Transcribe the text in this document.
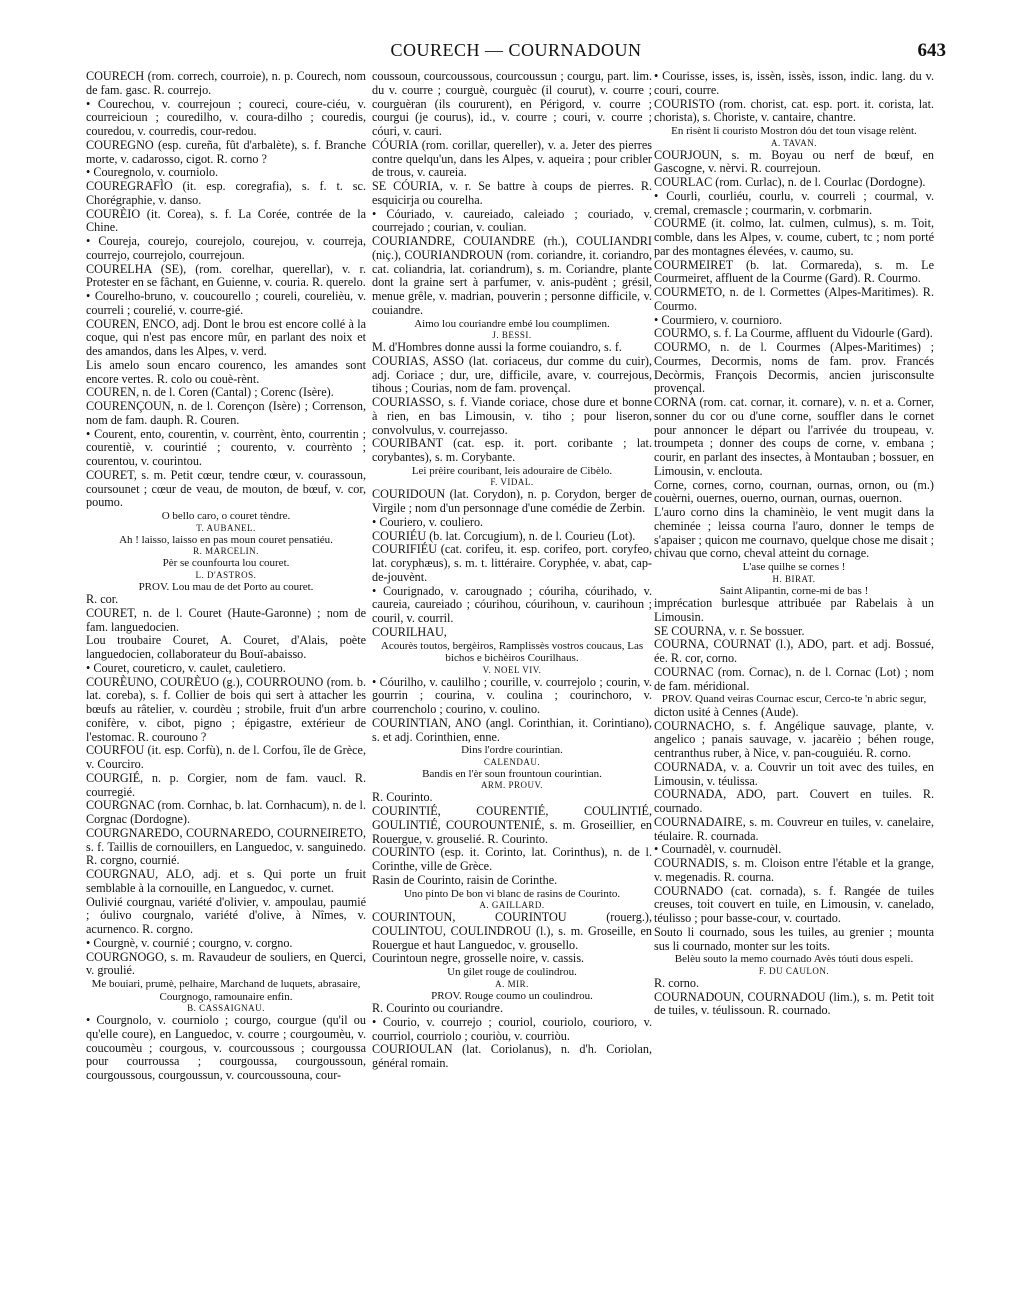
COURECH — COURNADOUN	643

COURECH (rom. correch, courroie), n. p. Courech, nom de fam. gasc. R. courrejo.

• Courechou, v. courrejoun ; coureci, coure-ciéu, v. courreicioun ; couredilho, v. coura-dilho ; couredis, couredou, v. courredis, cour-redou.

COUREGNO (esp. cureña, fût d'arbalète), s. f. Branche morte, v. cadarosso, cigot. R. corno ?

• Couregnolo, v. courniolo.

COUREGRAFÌO (it. esp. coregrafia), s. f. t. sc. Chorégraphie, v. danso.

COURÈIO (it. Corea), s. f. La Corée, contrée de la Chine.

• Coureja, courejo, courejolo, courejou, v. courreja, courrejo, courrejolo, courrejoun.

COURELHA (SE), (rom. corelhar, querellar), v. r. Protester en se fâchant, en Guienne, v. couria. R. querelo.

• Courelho-bruno, v. coucourello ; coureli, courelièu, v. courreli ; courelié, v. courre-gié.

COUREN, ENCO, adj. Dont le brou est encore collé à la coque, qui n'est pas encore mûr, en parlant des noix et des amandos, dans les Alpes, v. verd.

Lis amelo soun encaro courenco, les amandes sont encore vertes. R. colo ou couè-rènt.

COUREN, n. de l. Coren (Cantal) ; Corenc (Isère).

COURENÇOUN, n. de l. Corençon (Isère) ; Correnson, nom de fam. dauph. R. Couren.

• Courent, ento, courentin, v. courrènt, ènto, courrentin ; courentiè, v. courintié ; courento, v. courrènto ; courentou, v. courintou.

COURET, s. m. Petit cœur, tendre cœur, v. courassoun, coursounet ; cœur de veau, de mouton, de bœuf, v. cor, poumo.

O bello caro, o couret tèndre.

T. AUBANEL.

Ah ! laisso, laisso en pas moun couret pensatiéu.

R. MARCELIN.

Pèr se counfourta lou couret.

L. D'ASTROS.

PROV. Lou mau de det Porto au couret.

R. cor.

COURET, n. de l. Couret (Haute-Garonne) ; nom de fam. languedocien.

Lou troubaire Couret, A. Couret, d'Alais, poète languedocien, collaborateur du Bouï-abaisso.

• Couret, coureticro, v. caulet, cauletiero.

COURÈUNO, COURÈUO (g.), COURROUNO (rom. b. lat. coreba), s. f. Collier de bois qui sert à attacher les bœufs au râtelier, v. courdèu ; strobile, fruit d'un arbre conifère, v. cibot, pigno ; épigastre, extérieur de l'estomac. R. courouno ?

COURFOU (it. esp. Corfù), n. de l. Corfou, île de Grèce, v. Courciro.

COURGIÉ, n. p. Corgier, nom de fam. vaucl. R. courregié.

COURGNAC (rom. Cornhac, b. lat. Cornhacum), n. de l. Corgnac (Dordogne).

COURGNAREDO, COURNAREDO, COURNEIRETO, s. f. Taillis de cornouillers, en Languedoc, v. sanguinedo. R. corgno, cournié.

COURGNAU, ALO, adj. et s. Qui porte un fruit semblable à la cornouille, en Languedoc, v. curnet.

Oulivié courgnau, variété d'olivier, v. ampoulau, paumié ; óulivo courgnalo, variété d'olive, à Nîmes, v. acurnenco. R. corgno.

• Courgnè, v. cournié ; courgno, v. corgno.

COURGNOGO, s. m. Ravaudeur de souliers, en Querci, v. groulié.

Me bouiari, prumè, pelhaire, Marchand de luquets, abrasaire, Courgnogo, ramounaire enfin.

B. CASSAIGNAU.

• Courgnolo, v. courniolo ; courgo, courgue (qu'il ou qu'elle coure), en Languedoc, v. courre ; courgoumèu, v. coucoumèu ; courgous, v. courcoussous ; courgoussa pour courroussa ; courgoussa, courgoussoun, courgoussous, courgoussun, v. courcoussouna, cour-

coussoun, courcoussous, courcoussun ; courgu, part. lim. du v. courre ; courguè, courguèc (il courut), v. courre ; courguèran (ils coururent), en Périgord, v. courre ; courgui (je courus), id., v. courre ; couri, v. courre ; cóuri, v. cauri.

CÓURIA (rom. corillar, quereller), v. a. Jeter des pierres contre quelqu'un, dans les Alpes, v. aqueira ; pour cribler de trous, v. caureia.

SE CÓURIA, v. r. Se battre à coups de pierres. R. esquicirja ou courelha.

• Cóuriado, v. caureiado, caleiado ; couriado, v. courrejado ; courian, v. coulian.

COURIANDRE, COUIANDRE (rh.), COULIANDRI (niç.), COURIANDROUN (rom. coriandre, it. coriandro, cat. coliandria, lat. coriandrum), s. m. Coriandre, plante dont la graine sert à parfumer, v. anis-pudènt ; grésil, menue grêle, v. madrian, pouverin ; personne difficile, v. couiandre.

Aimo lou couriandre embé lou coumplimen.

J. BESSI.

M. d'Hombres donne aussi la forme couiandro, s. f.

COURIAS, ASSO (lat. coriaceus, dur comme du cuir), adj. Coriace ; dur, ure, difficile, avare, v. courrejous, tihous ; Courias, nom de fam. provençal.

COURIASSO, s. f. Viande coriace, chose dure et bonne à rien, en bas Limousin, v. tiho ; pour liseron, convolvulus, v. courrejasso.

COURIBANT (cat. esp. it. port. coribante ; lat. corybantes), s. m. Corybante.

Lei prèire couribant, leis adouraire de Cibèlo.

F. VIDAL.

COURIDOUN (lat. Corydon), n. p. Corydon, berger de Virgile ; nom d'un personnage d'une comédie de Zerbin.

• Couriero, v. couliero.

COURIÉU (b. lat. Corcugium), n. de l. Courieu (Lot).

COURIFIÉU (cat. corifeu, it. esp. corifeo, port. coryfeo, lat. coryphæus), s. m. t. littéraire. Coryphée, v. abat, cap-de-jouvènt.

• Courignado, v. carougnado ; cóuriha, cóurihado, v. caureia, caureiado ; cóurihou, cóurihoun, v. caurihoun ; couril, v. courril.

COURILHAU,

Acourès toutos, bergèiros, Ramplissès vostros coucaus, Las bichos e bichèiros Courilhaus.

V. NOEL VIV.

• Cóurilho, v. caulilho ; courille, v. courrejolo ; courin, v. gourrin ; courina, v. coulina ; courinchoro, v. courrencholo ; courino, v. coulino.

COURINTIAN, ANO (angl. Corinthian, it. Corintiano), s. et adj. Corinthien, enne.

Dins l'ordre courintian.

CALENDAU.

Bandis en l'èr soun frountoun courintian.

ARM. PROUV.

R. Courinto.

COURINTIÉ, COURENTIÉ, COULINTIÉ, GOULINTIÉ, COUROUNTENIÉ, s. m. Groseillier, en Rouergue, v. grouselié. R. Courinto.

COURINTO (esp. it. Corinto, lat. Corinthus), n. de l. Corinthe, ville de Grèce.

Rasin de Courinto, raisin de Corinthe.

Uno pinto De bon vi blanc de rasins de Courinto.

A. GAILLARD.

COURINTOUN, COURINTOU (rouerg.), COULINTOU, COULINDROU (l.), s. m. Groseille, en Rouergue et haut Languedoc, v. grousello.

Courintoun negre, grosselle noire, v. cassis.

Un gilet rouge de coulindrou.

A. MIR.

PROV. Rouge coumo un coulindrou.

R. Courinto ou couriandre.

• Courio, v. courrejo ; couriol, couriolo, courioro, v. courriol, courriolo ; couriòu, v. courriòu.

COURIOULAN (lat. Coriolanus), n. d'h. Coriolan, général romain.

• Courisse, isses, is, issèn, issès, isson, indic. lang. du v. couri, courre.

COURISTO (rom. chorist, cat. esp. port. it. corista, lat. chorista), s. Choriste, v. cantaire, chantre.

En risènt li couristo Mostron dóu det toun visage relènt.

A. TAVAN.

COURJOUN, s. m. Boyau ou nerf de bœuf, en Gascogne, v. nèrvi. R. courrejoun.

COURLAC (rom. Curlac), n. de l. Courlac (Dordogne).

• Courli, courliéu, courlu, v. courreli ; courmal, v. cremal, cremascle ; courmarin, v. corbmarin.

COURME (it. colmo, lat. culmen, culmus), s. m. Toit, comble, dans les Alpes, v. coume, cubert, tc ; nom porté par des montagnes élevées, v. caumo, su.

COURMEIRET (b. lat. Cormareda), s. m. Le Courmeiret, affluent de la Courme (Gard). R. Courmo.

COURMETO, n. de l. Cormettes (Alpes-Maritimes). R. Courmo.

• Courmiero, v. cournioro.

COURMO, s. f. La Courme, affluent du Vidourle (Gard).

COURMO, n. de l. Courmes (Alpes-Maritimes) ; Courmes, Decormis, noms de fam. prov. Francés Decòrmis, François Decormis, ancien jurisconsulte provençal.

CORNA (rom. cat. cornar, it. cornare), v. n. et a. Corner, sonner du cor ou d'une corne, souffler dans le cornet pour annoncer le départ ou l'arrivée du troupeau, v. troumpeta ; donner des coups de corne, v. embana ; courir, en parlant des insectes, à Montauban ; bossuer, en Limousin, v. enclouta.

Corne, cornes, corno, cournan, ournas, ornon, ou (m.) couèrni, ouernes, ouerno, ournan, ournas, ouernon.

L'auro corno dins la chaminèio, le vent mugit dans la cheminée ; leissa courna l'auro, donner le temps de s'apaiser ; quicon me cournavo, quelque chose me disait ; chivau que corno, cheval atteint du cornage.

L'ase quilhe se cornes !

H. BIRAT.

Saint Alipantin, corne-mi de bas !

imprécation burlesque attribuée par Rabelais à un Limousin.

SE COURNA, v. r. Se bossuer.

COURNA, COURNAT (l.), ADO, part. et adj. Bossué, ée. R. cor, corno.

COURNAC (rom. Cornac), n. de l. Cornac (Lot) ; nom de fam. méridional.

PROV. Quand veiras Cournac escur, Cerco-te 'n abric segur,

dicton usité à Cennes (Aude).

COURNACHO, s. f. Angélique sauvage, plante, v. angelico ; panais sauvage, v. jacarèio ; béhen rouge, centranthus ruber, à Nice, v. pan-couguiéu. R. corno.

COURNADA, v. a. Couvrir un toit avec des tuiles, en Limousin, v. téulissa.

COURNADA, ADO, part. Couvert en tuiles. R. cournado.

COURNADAIRE, s. m. Couvreur en tuiles, v. canelaire, téulaire. R. cournada.

• Cournadèl, v. cournudèl.

COURNADIS, s. m. Cloison entre l'étable et la grange, v. megenadis. R. courna.

COURNADO (cat. cornada), s. f. Rangée de tuiles creuses, toit couvert en tuile, en Limousin, v. canelado, téulisso ; pour basse-cour, v. courtado.

Souto li cournado, sous les tuiles, au grenier ; mounta sus li cournado, monter sur les toits.

Belèu souto la memo cournado Avès tóuti dous espeli.

F. DU CAULON.

R. corno.

COURNADOUN, COURNADOU (lim.), s. m. Petit toit de tuiles, v. téulissoun. R. cournado.
